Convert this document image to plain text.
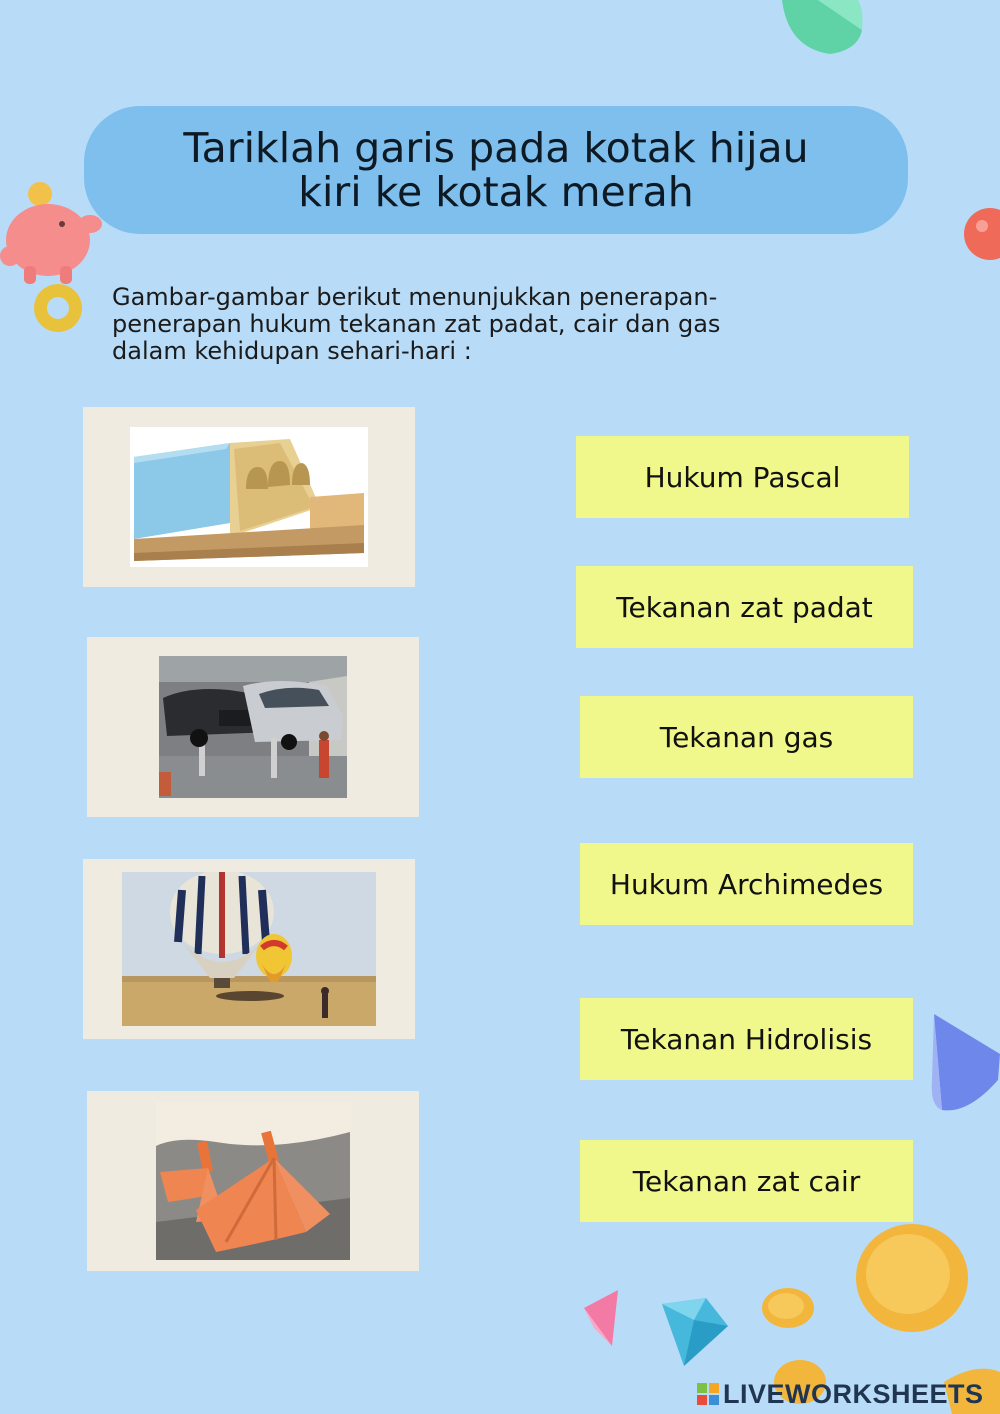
Tariklah garis pada kotak hijau
kiri ke kotak merah
Gambar-gambar berikut menunjukkan penerapan-
penerapan hukum tekanan zat padat, cair dan gas
dalam kehidupan sehari-hari :
Hukum Pascal
Tekanan zat padat
Tekanan gas
Hukum Archimedes
Tekanan Hidrolisis
Tekanan zat cair
LIVEWORKSHEETS
